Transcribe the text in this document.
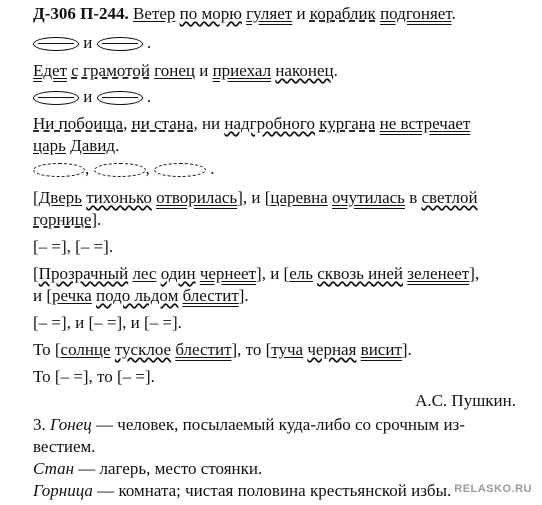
Д-306 П-244. Ветер по морю гуляет и кораблик подгоняет.
и	.
Едет с грамотой гонец и приехал наконец.
и	.
Ни побоища, ни стана, ни надгробного кургана не встречает
царь Давид.
,	,	.
[Дверь тихонько отворилась], и [царевна очутилась в светлой
горнице].
[– =], [– =].
[Прозрачный лес один чернеет], и [ель сквозь иней зеленеет],
и [речка подо льдом блестит].
[– =], и [– =], и [– =].
То [солнце тусклое блестит], то [туча черная висит].
То [– =], то [– =].
А.С. Пушкин.
3. Гонец — человек, посылаемый куда-либо со срочным из-
вестием.
Стан — лагерь, место стоянки.
Горница — комната; чистая половина крестьянской избы. RELASKO.RU
